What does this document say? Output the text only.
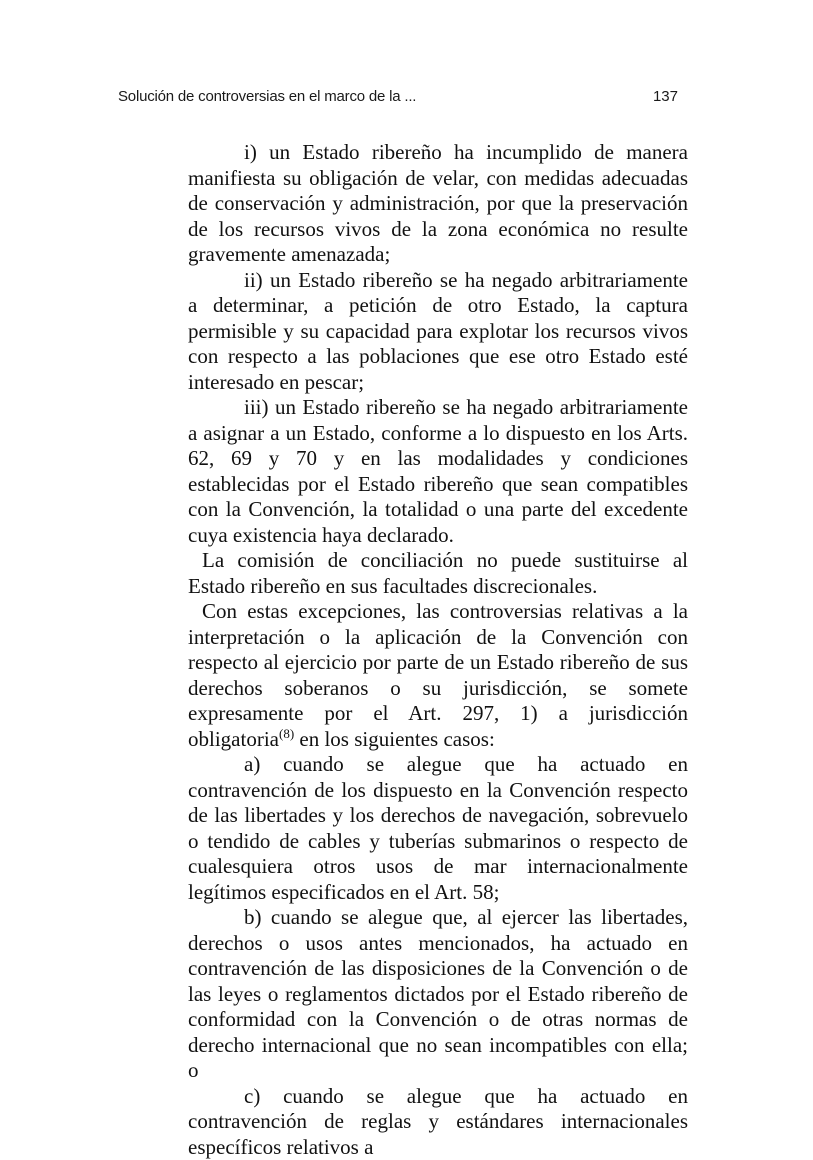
Solución de controversias en el marco de la ...	137

i) un Estado ribereño ha incumplido de manera manifiesta su obligación de velar, con medidas adecuadas de conservación y administración, por que la preservación de los recursos vivos de la zona económica no resulte gravemente amenazada;

ii) un Estado ribereño se ha negado arbitrariamente a determinar, a petición de otro Estado, la captura permisible y su capacidad para explotar los recursos vivos con respecto a las poblaciones que ese otro Estado esté interesado en pescar;

iii) un Estado ribereño se ha negado arbitrariamente a asignar a un Estado, conforme a lo dispuesto en los Arts. 62, 69 y 70 y en las modalidades y condiciones establecidas por el Estado ribereño que sean compatibles con la Convención, la totalidad o una parte del excedente cuya existencia haya declarado.

La comisión de conciliación no puede sustituirse al Estado ribereño en sus facultades discrecionales.

Con estas excepciones, las controversias relativas a la interpretación o la aplicación de la Convención con respecto al ejercicio por parte de un Estado ribereño de sus derechos soberanos o su jurisdicción, se somete expresamente por el Art. 297, 1) a jurisdicción obligatoria$^{(8)}$ en los siguientes casos:

a) cuando se alegue que ha actuado en contravención de los dispuesto en la Convención respecto de las libertades y los derechos de navegación, sobrevuelo o tendido de cables y tuberías submarinos o respecto de cualesquiera otros usos de mar internacionalmente legítimos especificados en el Art. 58;

b) cuando se alegue que, al ejercer las libertades, derechos o usos antes mencionados, ha actuado en contravención de las disposiciones de la Convención o de las leyes o reglamentos dictados por el Estado ribereño de conformidad con la Convención o de otras normas de derecho internacional que no sean incompatibles con ella; o

c) cuando se alegue que ha actuado en contravención de reglas y estándares internacionales específicos relativos a
